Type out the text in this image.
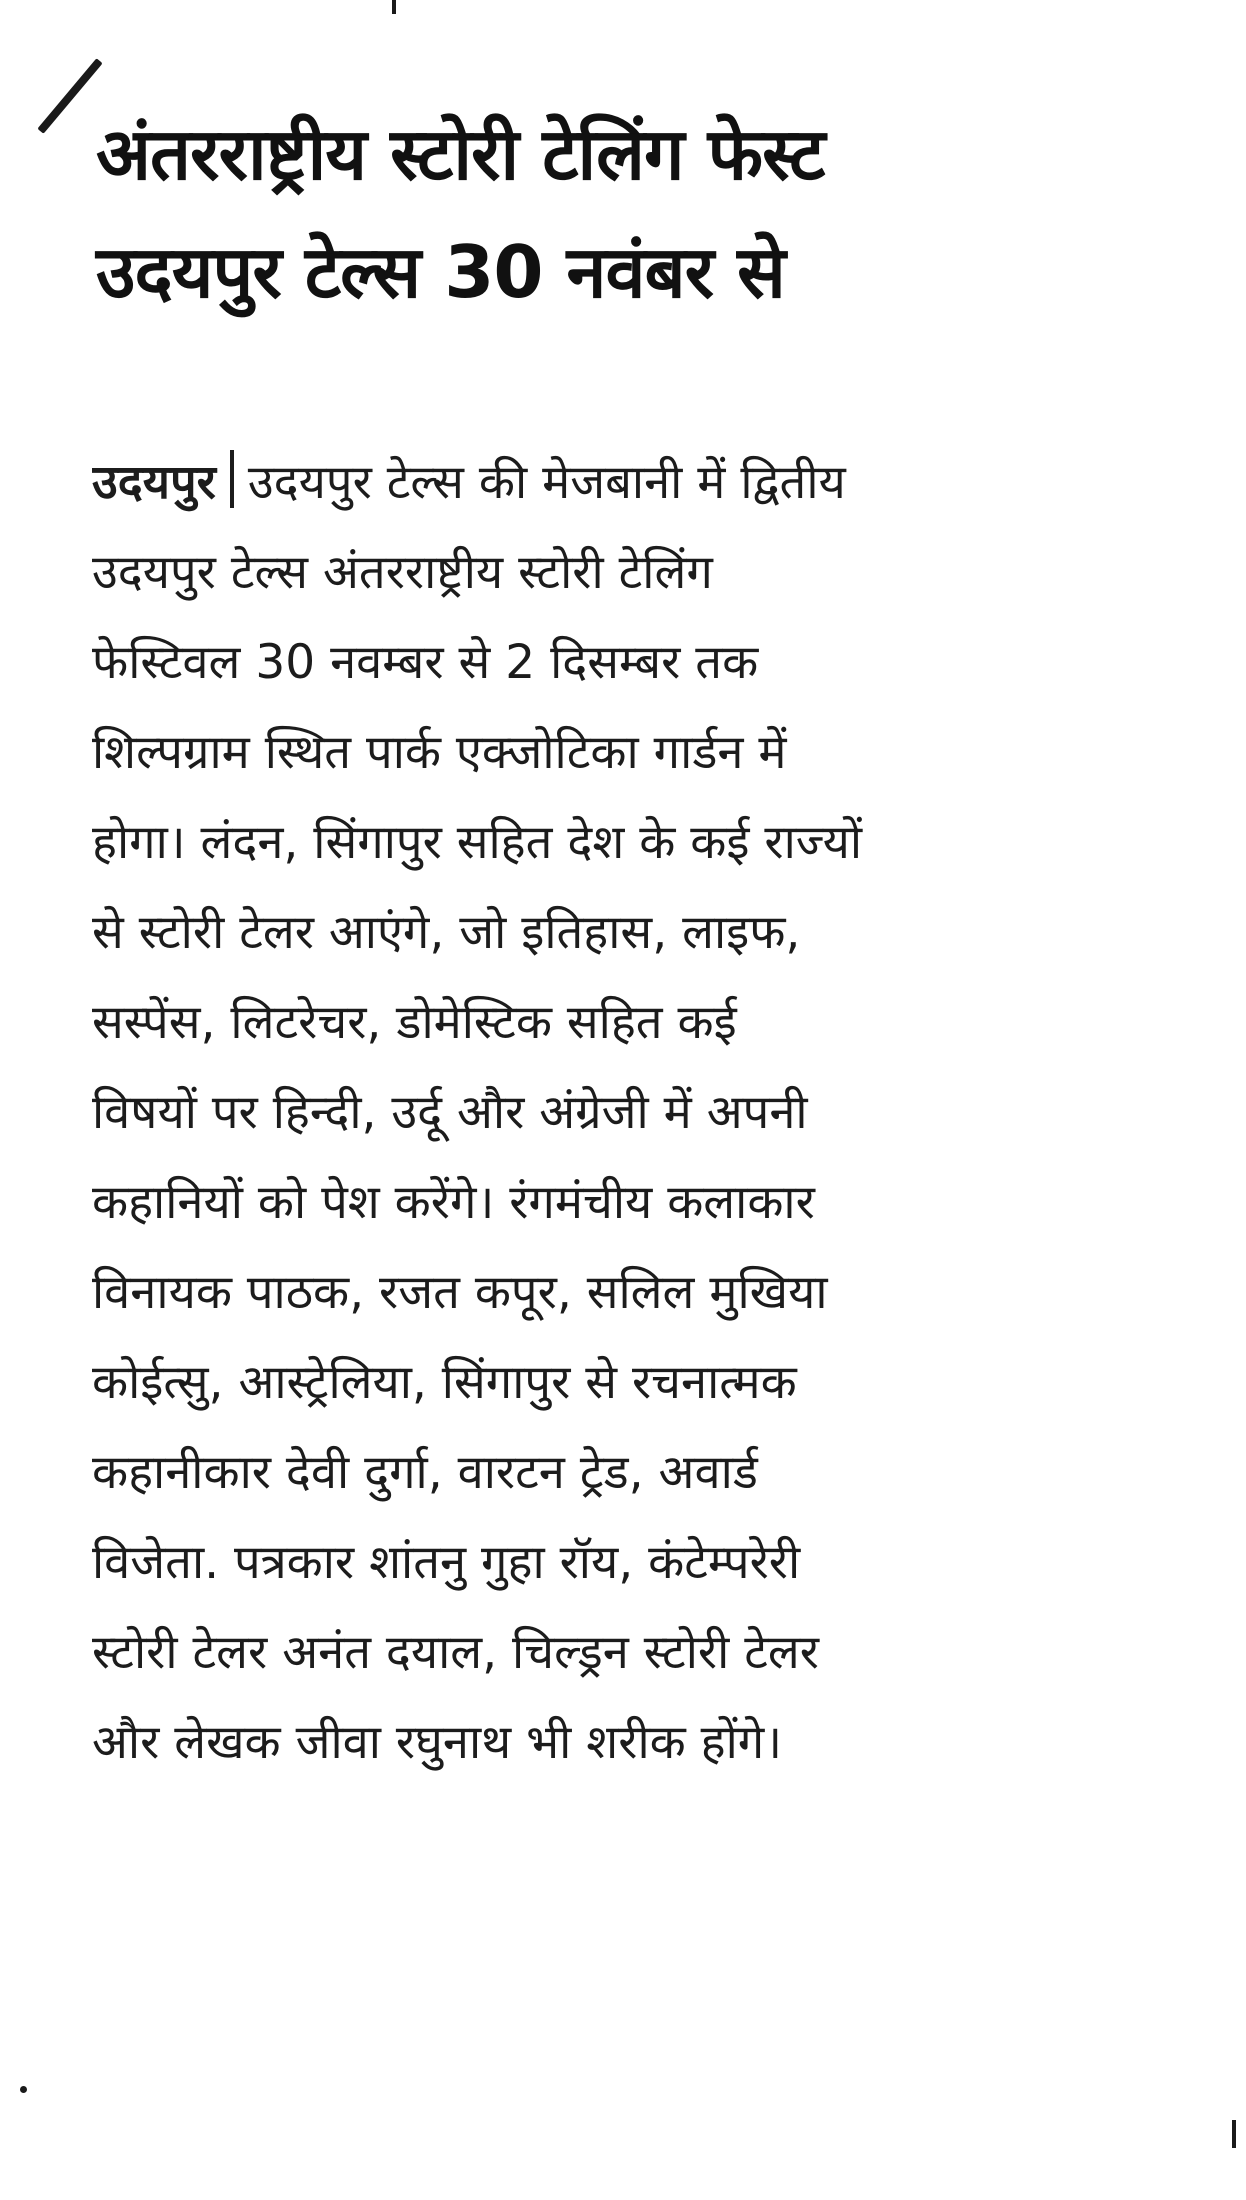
अंतरराष्ट्रीय स्टोरी टेलिंग फेस्ट
उदयपुर टेल्स 30 नवंबर से
उदयपुर उदयपुर टेल्स की मेजबानी में द्वितीय
उदयपुर टेल्स अंतरराष्ट्रीय स्टोरी टेलिंग
फेस्टिवल 30 नवम्बर से 2 दिसम्बर तक
शिल्पग्राम स्थित पार्क एक्जोटिका गार्डन में
होगा। लंदन, सिंगापुर सहित देश के कई राज्यों
से स्टोरी टेलर आएंगे, जो इतिहास, लाइफ,
सस्पेंस, लिटरेचर, डोमेस्टिक सहित कई
विषयों पर हिन्दी, उर्दू और अंग्रेजी में अपनी
कहानियों को पेश करेंगे। रंगमंचीय कलाकार
विनायक पाठक, रजत कपूर, सलिल मुखिया
कोईत्सु, आस्ट्रेलिया, सिंगापुर से रचनात्मक
कहानीकार देवी दुर्गा, वारटन ट्रेड, अवार्ड
विजेता. पत्रकार शांतनु गुहा रॉय, कंटेम्परेरी
स्टोरी टेलर अनंत दयाल, चिल्ड्रन स्टोरी टेलर
और लेखक जीवा रघुनाथ भी शरीक होंगे।
